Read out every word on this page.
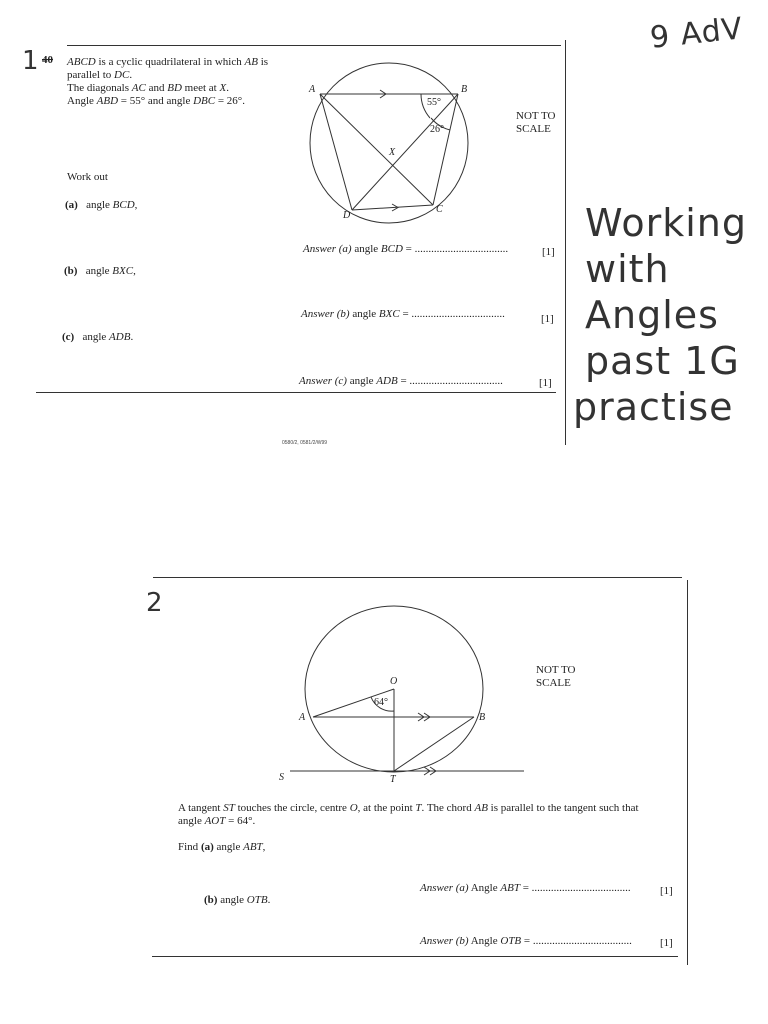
9 AdV
Working
with
Angles
past 1G
practise
1 40
2
ABCD is a cyclic quadrilateral in which AB is
parallel to DC.
The diagonals AC and BD meet at X.
Angle ABD = 55° and angle DBC = 26°.
A	B
C
D
X
55°
26°
NOT TO
SCALE
Work out
(a) angle BCD,
(b) angle BXC,
(c) angle ADB.
Answer (a) angle BCD = ..................................	[1]
Answer (b) angle BXC = ..................................	[1]
Answer (c) angle ADB = ..................................	[1]
0580/2, 0581/2/W99
O
A	B
S	T
64°
NOT TO
SCALE
A tangent ST touches the circle, centre O, at the point T. The chord AB is parallel to the tangent such that
angle AOT = 64°.
Find (a) angle ABT,
Answer (a) Angle ABT = ....................................	[1]
(b) angle OTB.
Answer (b) Angle OTB = ....................................	[1]
